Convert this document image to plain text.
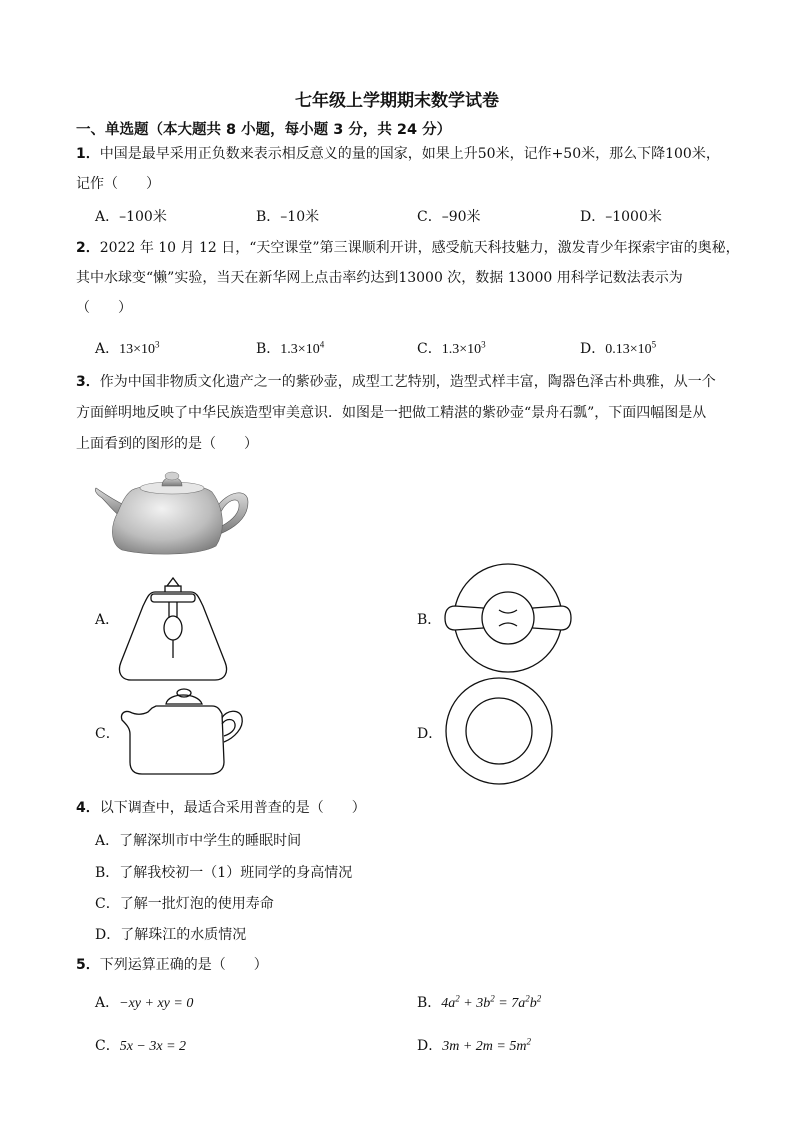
七年级上学期期末数学试卷
一、单选题（本大题共 8 小题，每小题 3 分，共 24 分）
1．中国是最早采用正负数来表示相反意义的量的国家，如果上升50米，记作+50米，那么下降100米，
记作（　　）
A．–100米	B．–10米	C．–90米	D．–1000米
2．2022 年 10 月 12 日，“天空课堂”第三课顺利开讲，感受航天科技魅力，激发青少年探索宇宙的奥秘，
其中水球变“懒”实验，当天在新华网上点击率约达到13000 次，数据 13000 用科学记数法表示为
（　　）
A．$13\times 10^3$	B．$1.3\times 10^4$	C．$1.3\times 10^3$	D．$0.13\times 10^5$
3．作为中国非物质文化遗产之一的紫砂壶，成型工艺特别，造型式样丰富，陶器色泽古朴典雅，从一个
方面鲜明地反映了中华民族造型审美意识．如图是一把做工精湛的紫砂壶“景舟石瓢”，下面四幅图是从
上面看到的图形的是（　　）
A．	B．
C．	D．
4．以下调查中，最适合采用普查的是（　　）
A．了解深圳市中学生的睡眠时间
B．了解我校初一（1）班同学的身高情况
C．了解一批灯泡的使用寿命
D．了解珠江的水质情况
5．下列运算正确的是（　　）
A．−xy + xy = 0	B．$4a^2 + 3b^2 = 7a^2b^2$
C．5x − 3x = 2	D．$3m + 2m = 5m^2$
